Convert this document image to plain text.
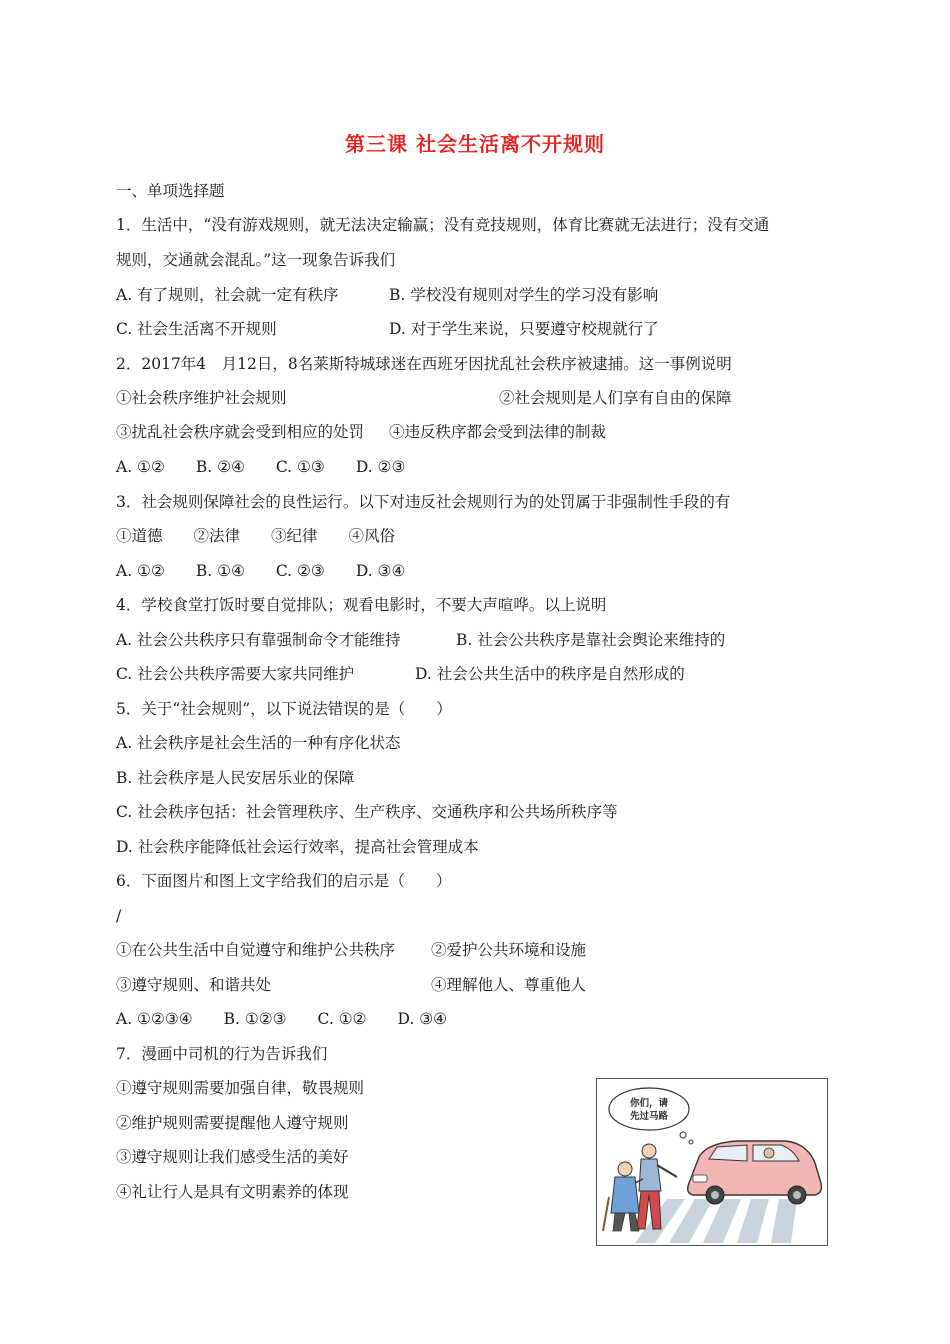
第三课 社会生活离不开规则
一、单项选择题
1．生活中，“没有游戏规则，就无法决定输赢；没有竞技规则，体育比赛就无法进行；没有交通
规则，交通就会混乱。”这一现象告诉我们
A. 有了规则，社会就一定有秩序	B. 学校没有规则对学生的学习没有影响
C. 社会生活离不开规则	D. 对于学生来说，只要遵守校规就行了
2．2017年4　月12日，8名莱斯特城球迷在西班牙因扰乱社会秩序被逮捕。这一事例说明
①社会秩序维护社会规则	②社会规则是人们享有自由的保障
③扰乱社会秩序就会受到相应的处罚 ④违反秩序都会受到法律的制裁
A. ①②　　B. ②④　　C. ①③　　D. ②③
3．社会规则保障社会的良性运行。以下对违反社会规则行为的处罚属于非强制性手段的有
①道德　　②法律　　③纪律　　④风俗
A. ①②　　B. ①④　　C. ②③　　D. ③④
4．学校食堂打饭时要自觉排队；观看电影时，不要大声喧哗。以上说明
A. 社会公共秩序只有靠强制命令才能维持	B. 社会公共秩序是靠社会舆论来维持的
C. 社会公共秩序需要大家共同维护	D. 社会公共生活中的秩序是自然形成的
5．关于“社会规则”，以下说法错误的是（　　）
A. 社会秩序是社会生活的一种有序化状态
B. 社会秩序是人民安居乐业的保障
C. 社会秩序包括：社会管理秩序、生产秩序、交通秩序和公共场所秩序等
D. 社会秩序能降低社会运行效率，提高社会管理成本
6．下面图片和图上文字给我们的启示是（　　）
/
①在公共生活中自觉遵守和维护公共秩序 ②爱护公共环境和设施
③遵守规则、和谐共处	④理解他人、尊重他人
A. ①②③④　　B. ①②③　　C. ①②　　D. ③④
7．漫画中司机的行为告诉我们
①遵守规则需要加强自律，敬畏规则
②维护规则需要提醒他人遵守规则
③遵守规则让我们感受生活的美好
④礼让行人是具有文明素养的体现
你们，请
先过马路
